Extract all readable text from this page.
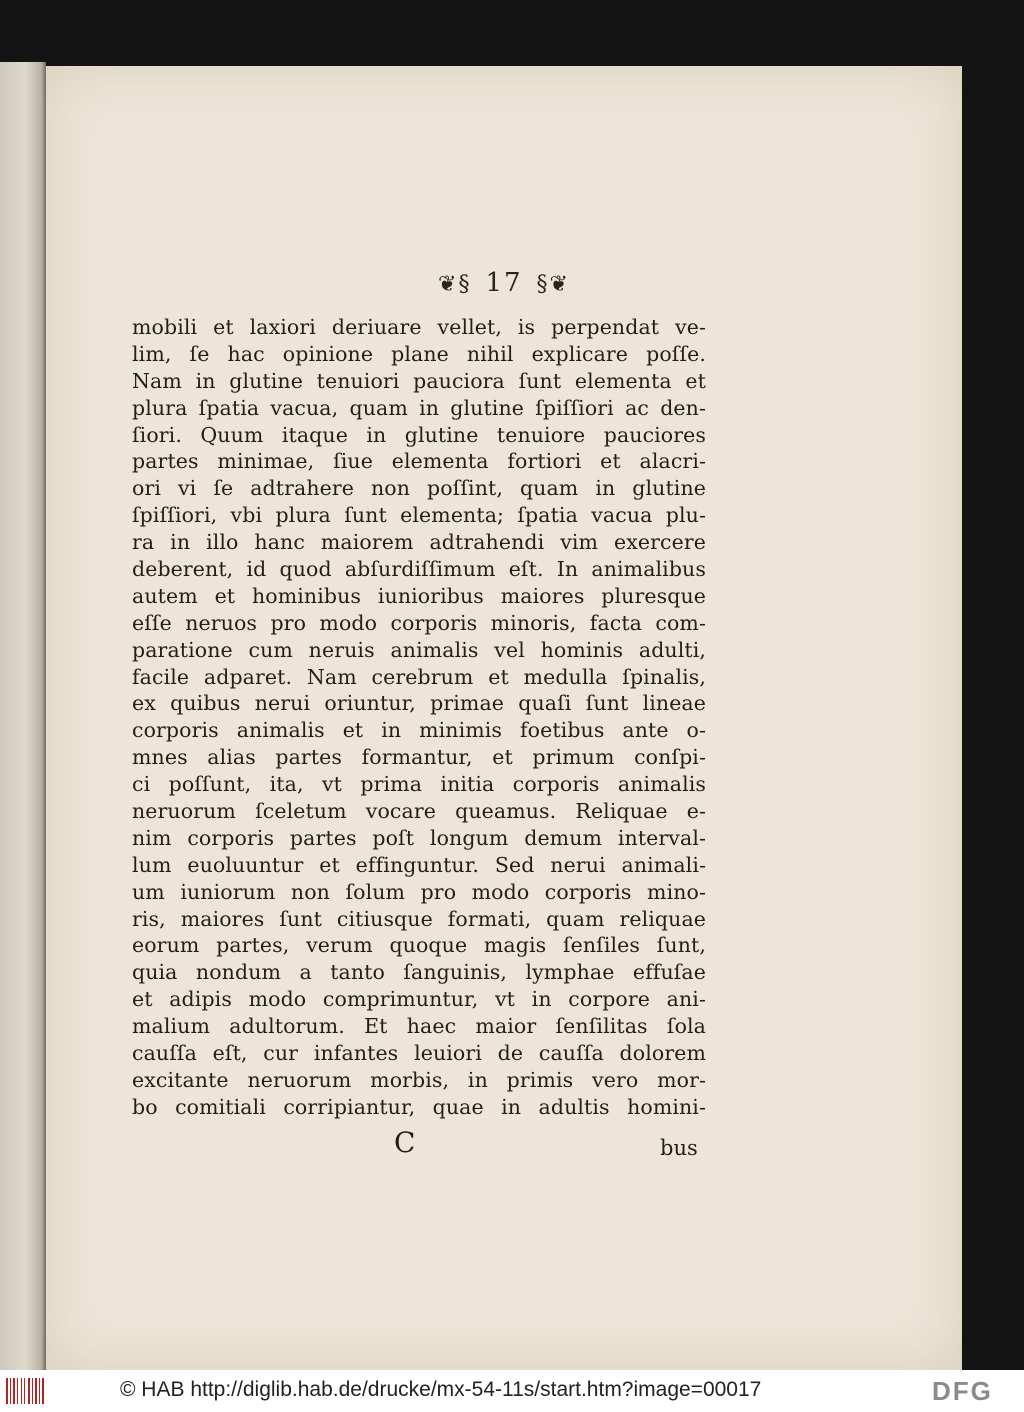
❦§ 17 §❦
mobili et laxiori deriuare vellet, is perpendat ve-
lim, ſe hac opinione plane nihil explicare poſſe.
Nam in glutine tenuiori pauciora ſunt elementa et
plura ſpatia vacua, quam in glutine ſpiſſiori ac den-
ſiori. Quum itaque in glutine tenuiore pauciores
partes minimae, ſiue elementa fortiori et alacri-
ori vi ſe adtrahere non poſſint, quam in glutine
ſpiſſiori, vbi plura ſunt elementa; ſpatia vacua plu-
ra in illo hanc maiorem adtrahendi vim exercere
deberent, id quod abſurdiſſimum eſt. In animalibus
autem et hominibus iunioribus maiores pluresque
eſſe neruos pro modo corporis minoris, facta com-
paratione cum neruis animalis vel hominis adulti,
facile adparet. Nam cerebrum et medulla ſpinalis,
ex quibus nerui oriuntur, primae quaſi ſunt lineae
corporis animalis et in minimis foetibus ante o-
mnes alias partes formantur, et primum conſpi-
ci poſſunt, ita, vt prima initia corporis animalis
neruorum ſceletum vocare queamus. Reliquae e-
nim corporis partes poſt longum demum interval-
lum euoluuntur et effinguntur. Sed nerui animali-
um iuniorum non ſolum pro modo corporis mino-
ris, maiores ſunt citiusque formati, quam reliquae
eorum partes, verum quoque magis ſenſiles ſunt,
quia nondum a tanto ſanguinis, lymphae effuſae
et adipis modo comprimuntur, vt in corpore ani-
malium adultorum. Et haec maior ſenſilitas ſola
cauſſa eſt, cur infantes leuiori de cauſſa dolorem
excitante neruorum morbis, in primis vero mor-
bo comitiali corripiantur, quae in adultis homini-
C	bus
© HAB http://diglib.hab.de/drucke/mx-54-11s/start.htm?image=00017	DFG
